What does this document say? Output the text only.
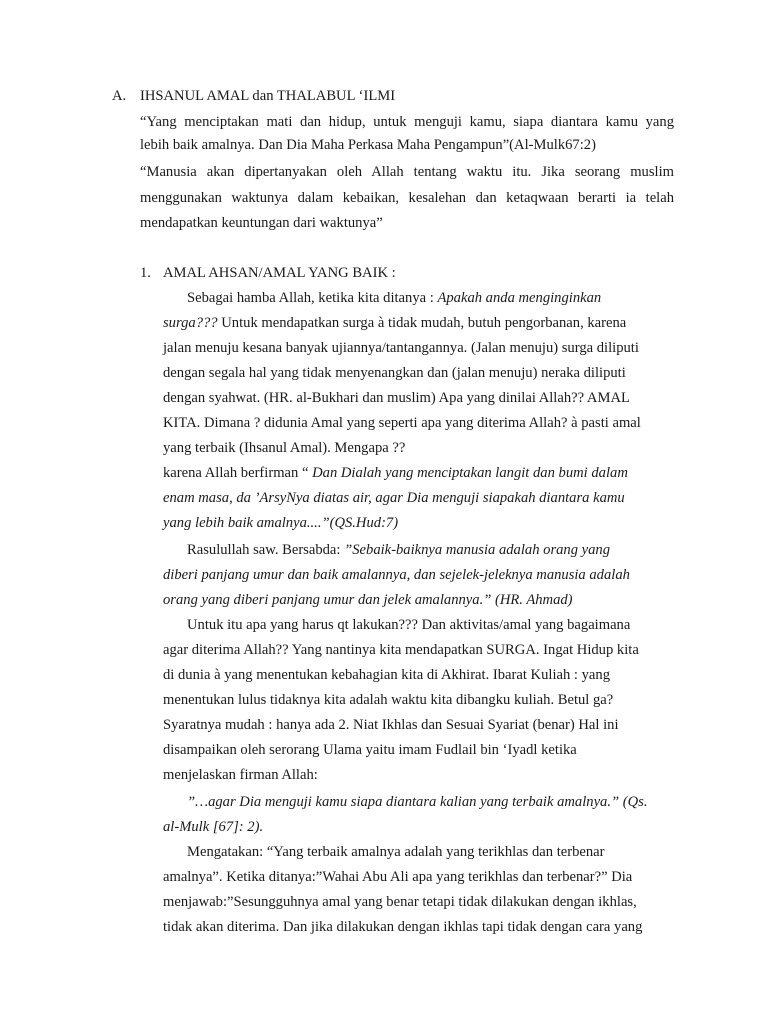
A. IHSANUL AMAL dan THALABUL ‘ILMI
“Yang menciptakan mati dan hidup, untuk menguji kamu, siapa diantara kamu yang
lebih baik amalnya. Dan Dia Maha Perkasa Maha Pengampun”(Al-Mulk67:2)
“Manusia akan dipertanyakan oleh Allah tentang waktu itu. Jika seorang muslim
menggunakan waktunya dalam kebaikan, kesalehan dan ketaqwaan berarti ia telah
mendapatkan keuntungan dari waktunya”
1. AMAL AHSAN/AMAL YANG BAIK :
Sebagai hamba Allah, ketika kita ditanya : Apakah anda menginginkan
surga??? Untuk mendapatkan surga à tidak mudah, butuh pengorbanan, karena
jalan menuju kesana banyak ujiannya/tantangannya. (Jalan menuju) surga diliputi
dengan segala hal yang tidak menyenangkan dan (jalan menuju) neraka diliputi
dengan syahwat. (HR. al-Bukhari dan muslim) Apa yang dinilai Allah?? AMAL
KITA. Dimana ? didunia Amal yang seperti apa yang diterima Allah? à pasti amal
yang terbaik (Ihsanul Amal). Mengapa ??
karena Allah berfirman “ Dan Dialah yang menciptakan langit dan bumi dalam
enam masa, da ’ArsyNya diatas air, agar Dia menguji siapakah diantara kamu
yang lebih baik amalnya....”(QS.Hud:7)
Rasulullah saw. Bersabda: ”Sebaik-baiknya manusia adalah orang yang
diberi panjang umur dan baik amalannya, dan sejelek-jeleknya manusia adalah
orang yang diberi panjang umur dan jelek amalannya.” (HR. Ahmad)
Untuk itu apa yang harus qt lakukan??? Dan aktivitas/amal yang bagaimana
agar diterima Allah?? Yang nantinya kita mendapatkan SURGA. Ingat Hidup kita
di dunia à yang menentukan kebahagian kita di Akhirat. Ibarat Kuliah : yang
menentukan lulus tidaknya kita adalah waktu kita dibangku kuliah. Betul ga?
Syaratnya mudah : hanya ada 2. Niat Ikhlas dan Sesuai Syariat (benar) Hal ini
disampaikan oleh serorang Ulama yaitu imam Fudlail bin ‘Iyadl ketika
menjelaskan firman Allah:
”…agar Dia menguji kamu siapa diantara kalian yang terbaik amalnya.” (Qs.
al-Mulk [67]: 2).
Mengatakan: “Yang terbaik amalnya adalah yang terikhlas dan terbenar
amalnya”. Ketika ditanya:”Wahai Abu Ali apa yang terikhlas dan terbenar?” Dia
menjawab:”Sesungguhnya amal yang benar tetapi tidak dilakukan dengan ikhlas,
tidak akan diterima. Dan jika dilakukan dengan ikhlas tapi tidak dengan cara yang
